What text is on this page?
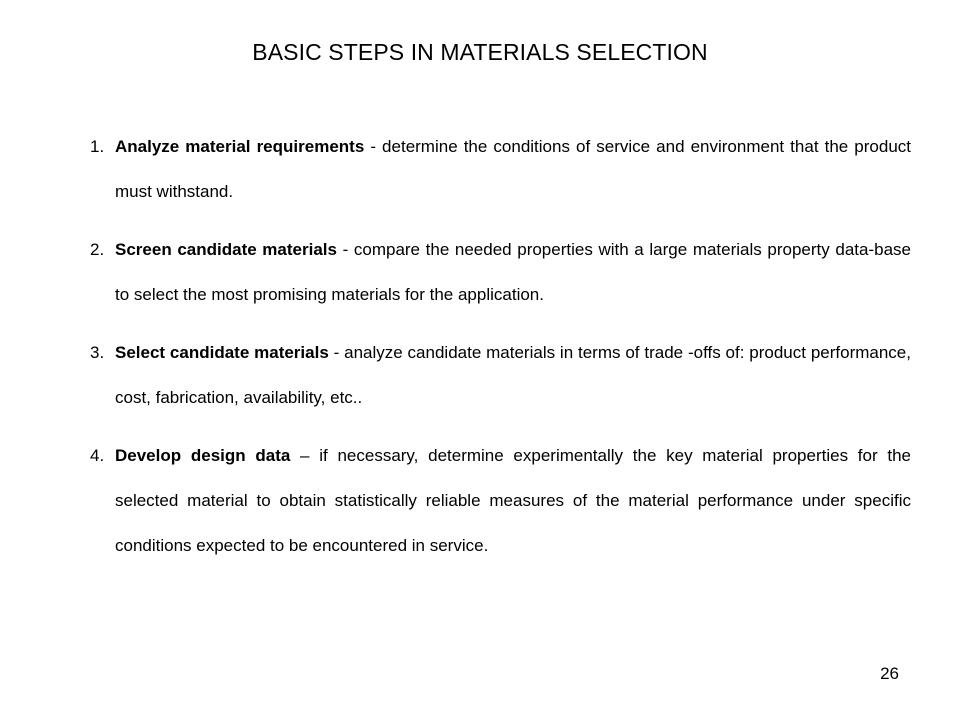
BASIC STEPS IN MATERIALS SELECTION
1. Analyze material requirements - determine the conditions of service and environment that the product must withstand.
2. Screen candidate materials - compare the needed properties with a large materials property data-base to select the most promising materials for the application.
3. Select candidate materials - analyze candidate materials in terms of trade -offs of: product performance, cost, fabrication, availability, etc..
4. Develop design data – if necessary, determine experimentally the key material properties for the selected material to obtain statistically reliable measures of the material performance under specific conditions expected to be encountered in service.
26
